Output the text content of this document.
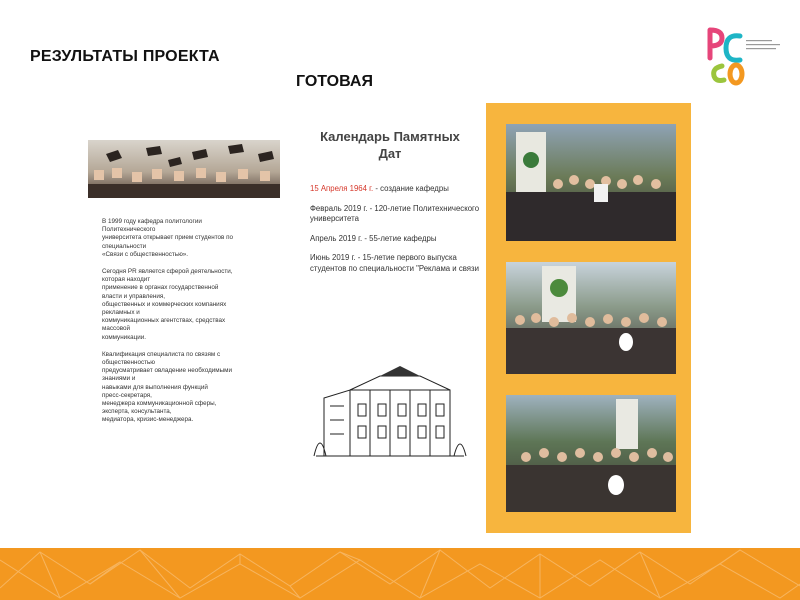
РЕЗУЛЬТАТЫ ПРОЕКТА
ГОТОВАЯ

В 1999 году кафедра политологии
Политехнического
университета открывает прием студентов по
специальности
«Связи с общественностью».

Сегодня PR является сферой деятельности,
которая находит
применение в органах государственной
власти и управления,
общественных и коммерческих компаниях
рекламных и
коммуникационных агентствах, средствах
массовой
коммуникации.

Квалификация специалиста по связям с
общественностью
предусматривает овладение необходимыми
знаниями и
навыками для выполнения функций
пресс-секретаря,
менеджера коммуникационной сферы,
эксперта, консультанта,
медиатора, кризис-менеджера.

Календарь Памятных Дат

15 Апреля 1964 г. - создание кафедры

Февраль 2019 г. - 120-летие Политехнического университета

Апрель 2019 г. - 55-летие кафедры

Июнь 2019 г. - 15-летие первого выпуска студентов по специальности "Реклама и связи
